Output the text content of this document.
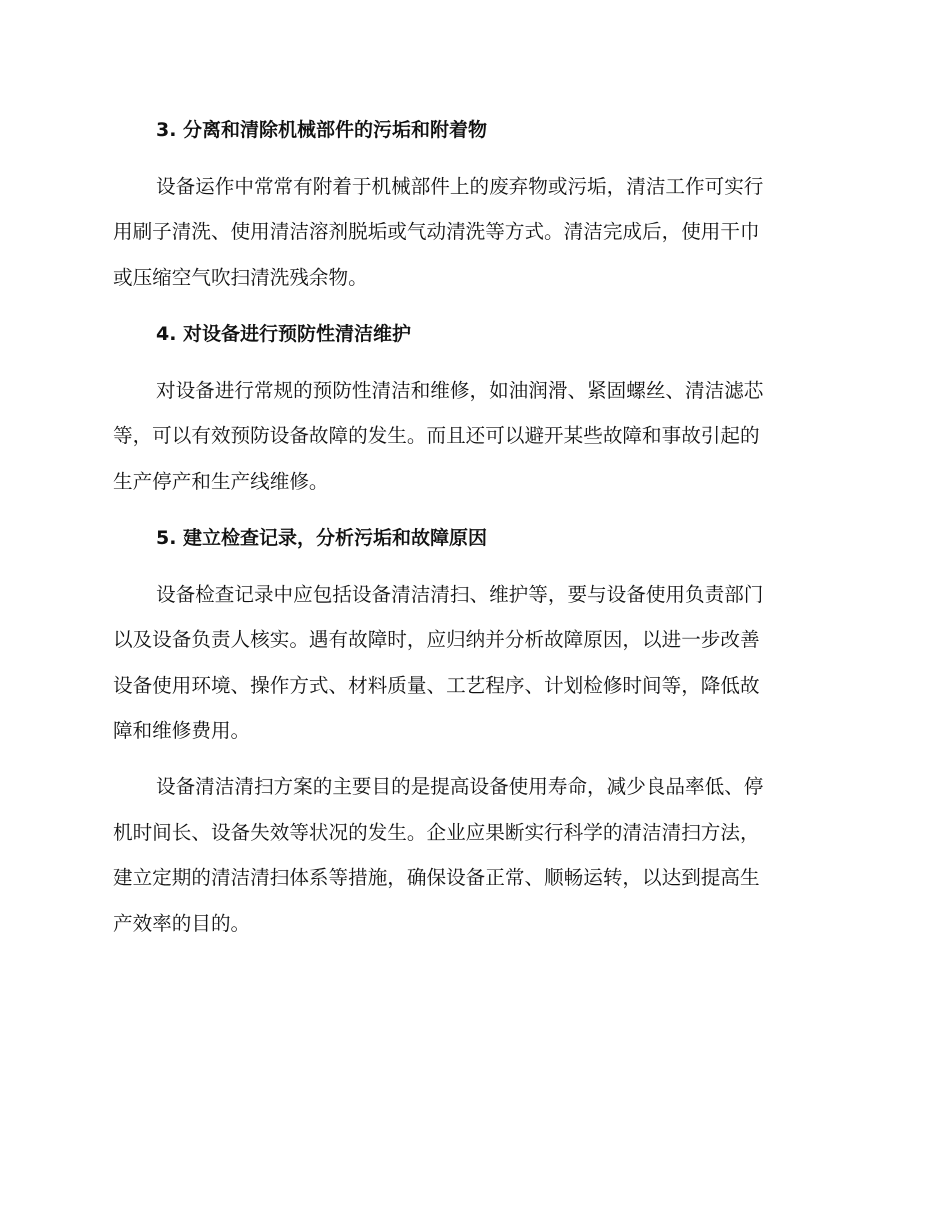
3. 分离和清除机械部件的污垢和附着物
设备运作中常常有附着于机械部件上的废弃物或污垢，清洁工作可实行
用刷子清洗、使用清洁溶剂脱垢或气动清洗等方式。清洁完成后，使用干巾
或压缩空气吹扫清洗残余物。
4. 对设备进行预防性清洁维护
对设备进行常规的预防性清洁和维修，如油润滑、紧固螺丝、清洁滤芯
等，可以有效预防设备故障的发生。而且还可以避开某些故障和事故引起的
生产停产和生产线维修。
5. 建立检查记录，分析污垢和故障原因
设备检查记录中应包括设备清洁清扫、维护等，要与设备使用负责部门
以及设备负责人核实。遇有故障时，应归纳并分析故障原因，以进一步改善
设备使用环境、操作方式、材料质量、工艺程序、计划检修时间等，降低故
障和维修费用。
设备清洁清扫方案的主要目的是提高设备使用寿命，减少良品率低、停
机时间长、设备失效等状况的发生。企业应果断实行科学的清洁清扫方法，
建立定期的清洁清扫体系等措施，确保设备正常、顺畅运转，以达到提高生
产效率的目的。
